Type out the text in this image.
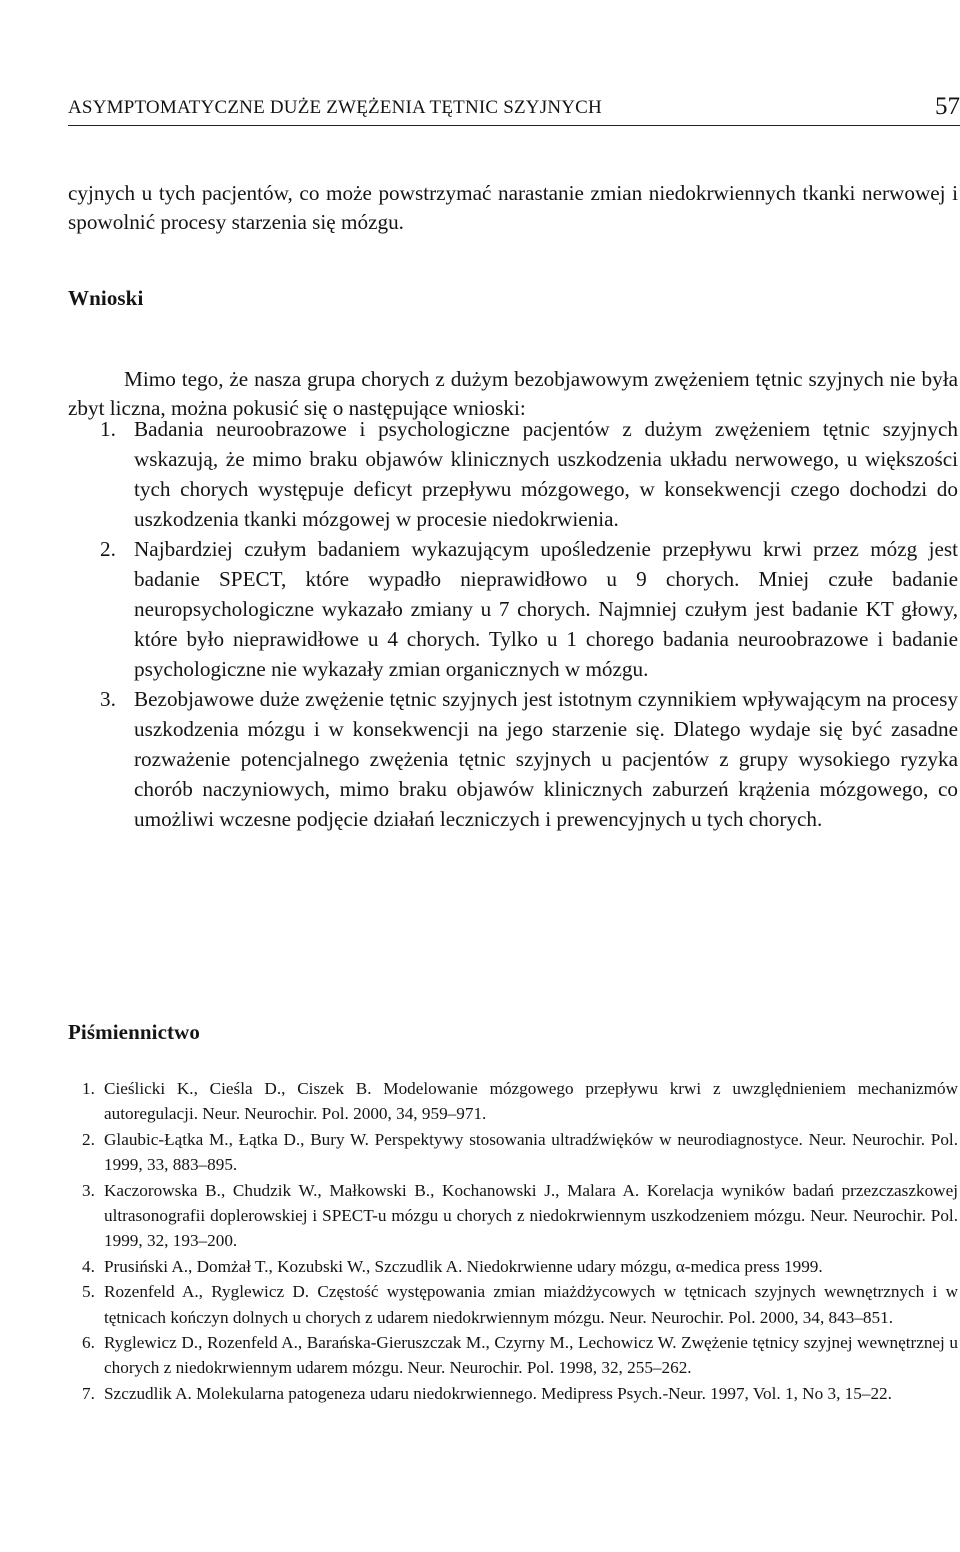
ASYMPTOMATYCZNE DUŻE ZWĘŻENIA TĘTNIC SZYJNYCH	57

cyjnych u tych pacjentów, co może powstrzymać narastanie zmian niedokrwiennych tkanki nerwowej i spowolnić procesy starzenia się mózgu.

Wnioski

Mimo tego, że nasza grupa chorych z dużym bezobjawowym zwężeniem tętnic szyjnych nie była zbyt liczna, można pokusić się o następujące wnioski:

1. Badania neuroobrazowe i psychologiczne pacjentów z dużym zwężeniem tętnic szyjnych wskazują, że mimo braku objawów klinicznych uszkodzenia układu nerwowego, u większości tych chorych występuje deficyt przepływu mózgowego, w konsekwencji czego dochodzi do uszkodzenia tkanki mózgowej w procesie niedokrwienia.
2. Najbardziej czułym badaniem wykazującym upośledzenie przepływu krwi przez mózg jest badanie SPECT, które wypadło nieprawidłowo u 9 chorych. Mniej czułe badanie neuropsychologiczne wykazało zmiany u 7 chorych. Najmniej czułym jest badanie KT głowy, które było nieprawidłowe u 4 chorych. Tylko u 1 chorego badania neuroobrazowe i badanie psychologiczne nie wykazały zmian organicznych w mózgu.
3. Bezobjawowe duże zwężenie tętnic szyjnych jest istotnym czynnikiem wpływającym na procesy uszkodzenia mózgu i w konsekwencji na jego starzenie się. Dlatego wydaje się być zasadne rozważenie potencjalnego zwężenia tętnic szyjnych u pacjentów z grupy wysokiego ryzyka chorób naczyniowych, mimo braku objawów klinicznych zaburzeń krążenia mózgowego, co umożliwi wczesne podjęcie działań leczniczych i prewencyjnych u tych chorych.
Piśmiennictwo
1. Cieślicki K., Cieśla D., Ciszek B. Modelowanie mózgowego przepływu krwi z uwzględnieniem mechanizmów autoregulacji. Neur. Neurochir. Pol. 2000, 34, 959–971.
2. Glaubic-Łątka M., Łątka D., Bury W. Perspektywy stosowania ultradźwięków w neurodiagnostyce. Neur. Neurochir. Pol. 1999, 33, 883–895.
3. Kaczorowska B., Chudzik W., Małkowski B., Kochanowski J., Malara A. Korelacja wyników badań przezczaszkowej ultrasonografii doplerowskiej i SPECT-u mózgu u chorych z niedokrwiennym uszkodzeniem mózgu. Neur. Neurochir. Pol. 1999, 32, 193–200.
4. Prusiński A., Domżał T., Kozubski W., Szczudlik A. Niedokrwienne udary mózgu, α-medica press 1999.
5. Rozenfeld A., Ryglewicz D. Częstość występowania zmian miażdżycowych w tętnicach szyjnych wewnętrznych i w tętnicach kończyn dolnych u chorych z udarem niedokrwiennym mózgu. Neur. Neurochir. Pol. 2000, 34, 843–851.
6. Ryglewicz D., Rozenfeld A., Barańska-Gieruszczak M., Czyrny M., Lechowicz W. Zwężenie tętnicy szyjnej wewnętrznej u chorych z niedokrwiennym udarem mózgu. Neur. Neurochir. Pol. 1998, 32, 255–262.
7. Szczudlik A. Molekularna patogeneza udaru niedokrwiennego. Medipress Psych.-Neur. 1997, Vol. 1, No 3, 15–22.
